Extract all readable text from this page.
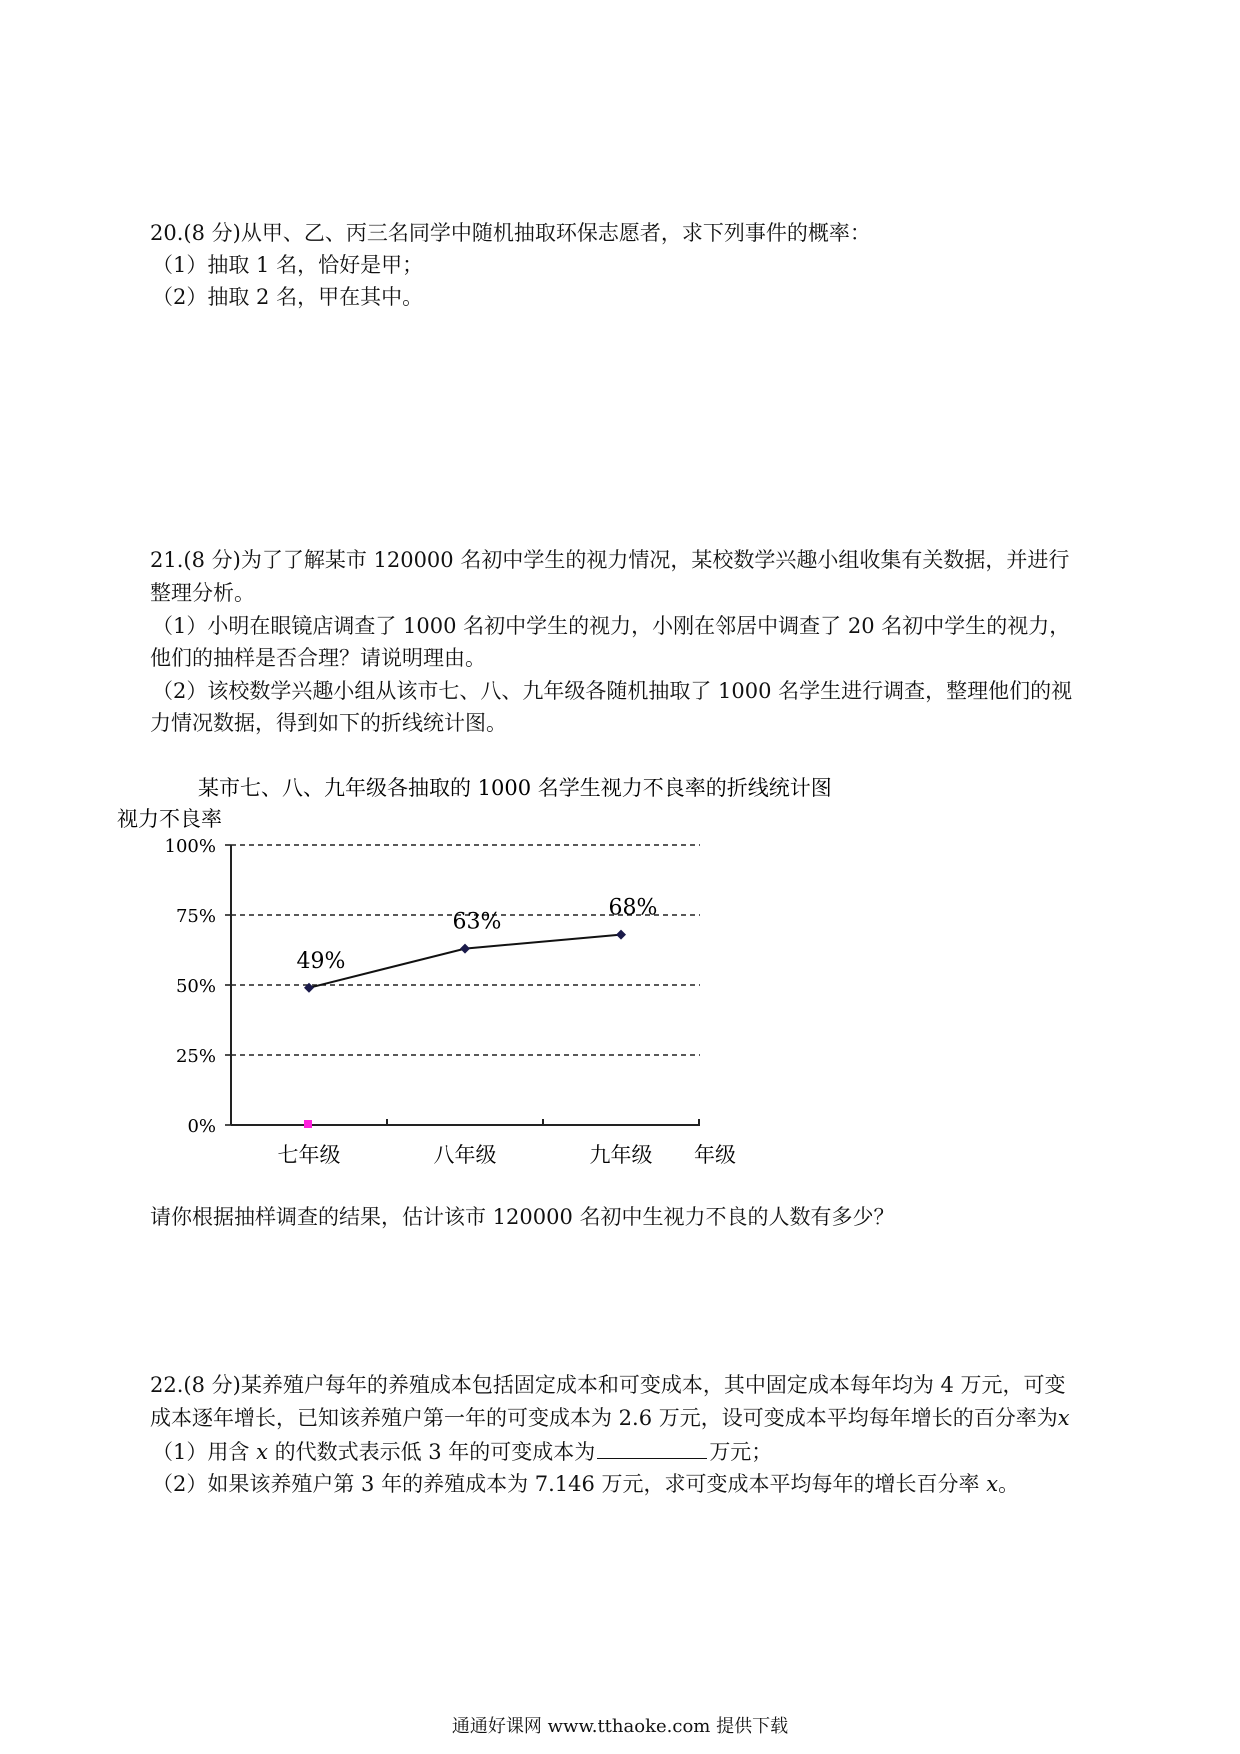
20.(8 分)从甲、乙、丙三名同学中随机抽取环保志愿者，求下列事件的概率：
（1）抽取 1 名，恰好是甲；
（2）抽取 2 名，甲在其中。
21.(8 分)为了了解某市 120000 名初中学生的视力情况，某校数学兴趣小组收集有关数据，并进行
整理分析。
（1）小明在眼镜店调查了 1000 名初中学生的视力，小刚在邻居中调查了 20 名初中学生的视力，
他们的抽样是否合理？请说明理由。
（2）该校数学兴趣小组从该市七、八、九年级各随机抽取了 1000 名学生进行调查，整理他们的视
力情况数据，得到如下的折线统计图。
某市七、八、九年级各抽取的 1000 名学生视力不良率的折线统计图
视力不良率
0%
25%
50%
75%
100%
49%
63%
68%
七年级	八年级	九年级 年级
请你根据抽样调查的结果，估计该市 120000 名初中生视力不良的人数有多少？
22.(8 分)某养殖户每年的养殖成本包括固定成本和可变成本，其中固定成本每年均为 4 万元，可变
成本逐年增长，已知该养殖户第一年的可变成本为 2.6 万元，设可变成本平均每年增长的百分率为x
（1）用含 x 的代数式表示低 3 年的可变成本为	万元；
（2）如果该养殖户第 3 年的养殖成本为 7.146 万元，求可变成本平均每年的增长百分率 x。
通通好课网 www.tthaoke.com 提供下载
